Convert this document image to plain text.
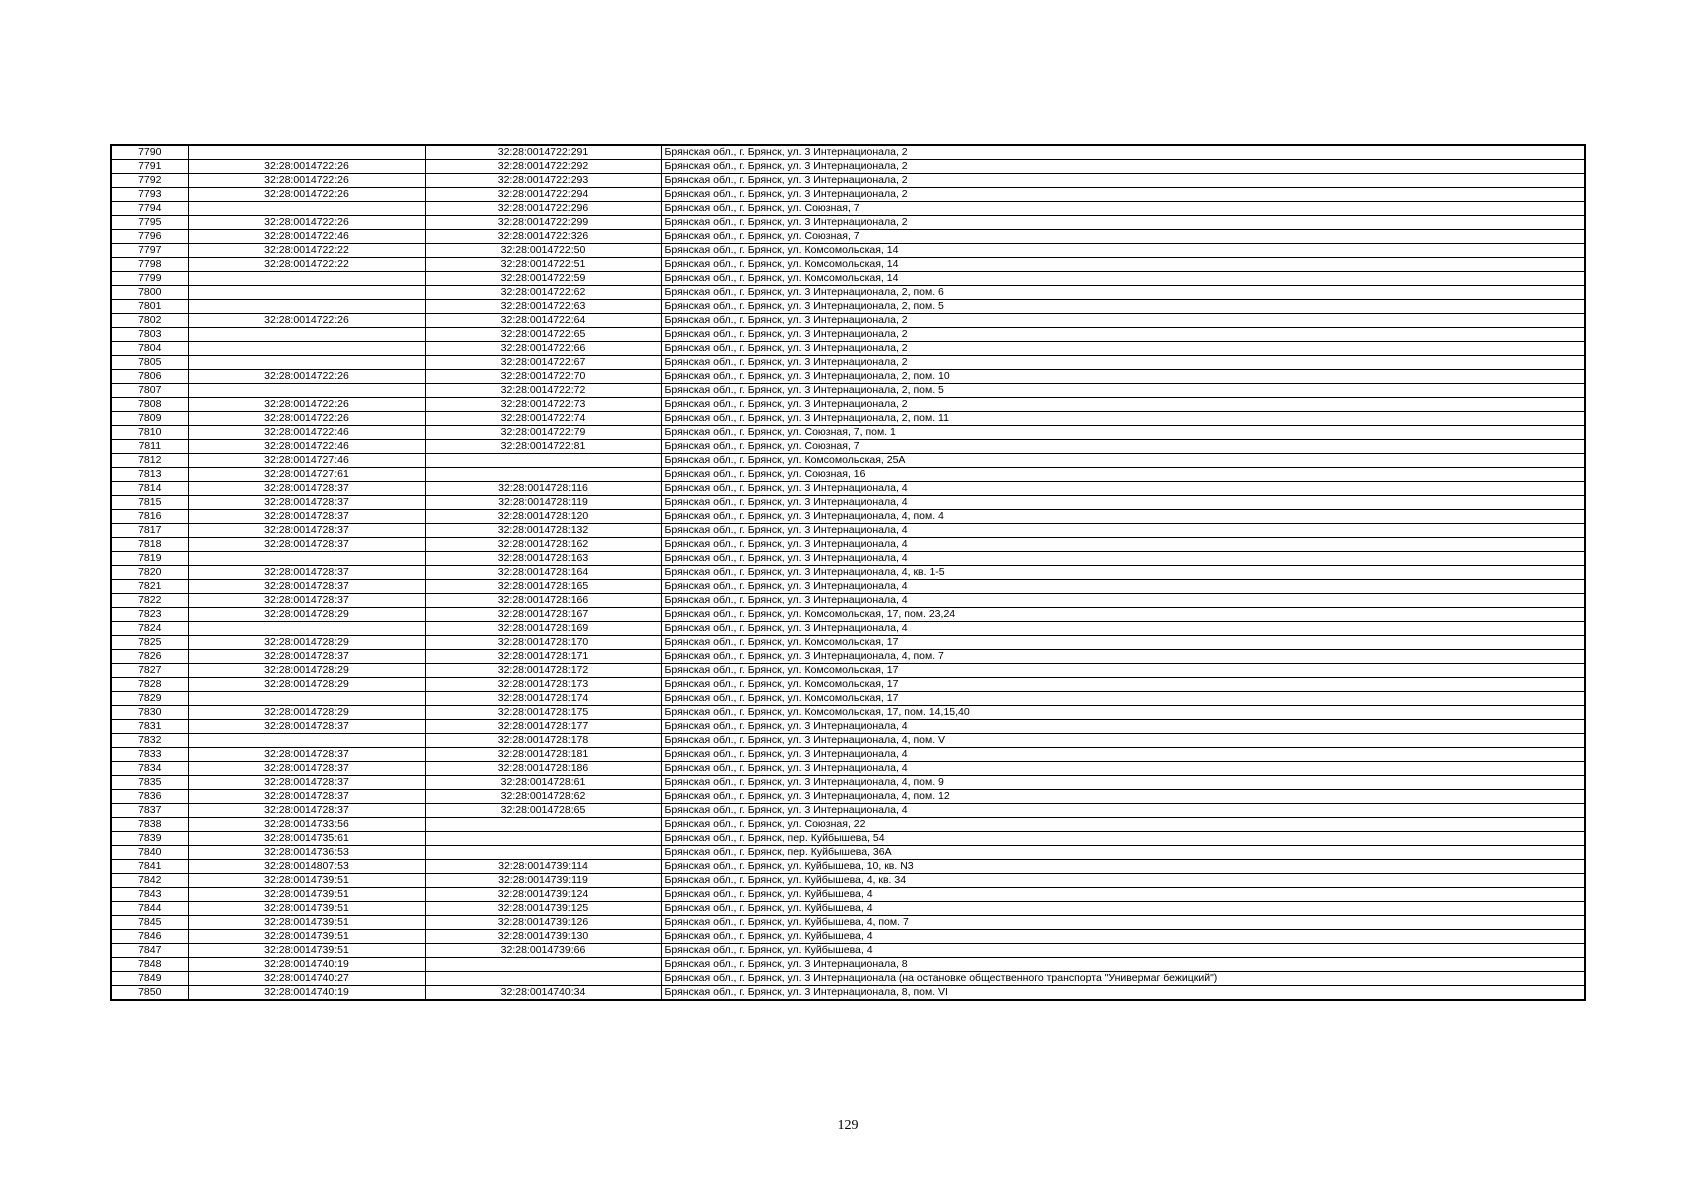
7790		32:28:0014722:291	Брянская обл., г. Брянск, ул. 3 Интернационала, 2
7791	32:28:0014722:26	32:28:0014722:292	Брянская обл., г. Брянск, ул. 3 Интернационала, 2
7792	32:28:0014722:26	32:28:0014722:293	Брянская обл., г. Брянск, ул. 3 Интернационала, 2
7793	32:28:0014722:26	32:28:0014722:294	Брянская обл., г. Брянск, ул. 3 Интернационала, 2
7794		32:28:0014722:296	Брянская обл., г. Брянск, ул. Союзная, 7
7795	32:28:0014722:26	32:28:0014722:299	Брянская обл., г. Брянск, ул. 3 Интернационала, 2
7796	32:28:0014722:46	32:28:0014722:326	Брянская обл., г. Брянск, ул. Союзная, 7
7797	32:28:0014722:22	32:28:0014722:50	Брянская обл., г. Брянск, ул. Комсомольская, 14
7798	32:28:0014722:22	32:28:0014722:51	Брянская обл., г. Брянск, ул. Комсомольская, 14
7799		32:28:0014722:59	Брянская обл., г. Брянск, ул. Комсомольская, 14
7800		32:28:0014722:62	Брянская обл., г. Брянск, ул. 3 Интернационала, 2, пом. 6
7801		32:28:0014722:63	Брянская обл., г. Брянск, ул. 3 Интернационала, 2, пом. 5
7802	32:28:0014722:26	32:28:0014722:64	Брянская обл., г. Брянск, ул. 3 Интернационала, 2
7803		32:28:0014722:65	Брянская обл., г. Брянск, ул. 3 Интернационала, 2
7804		32:28:0014722:66	Брянская обл., г. Брянск, ул. 3 Интернационала, 2
7805		32:28:0014722:67	Брянская обл., г. Брянск, ул. 3 Интернационала, 2
7806	32:28:0014722:26	32:28:0014722:70	Брянская обл., г. Брянск, ул. 3 Интернационала, 2, пом. 10
7807		32:28:0014722:72	Брянская обл., г. Брянск, ул. 3 Интернационала, 2, пом. 5
7808	32:28:0014722:26	32:28:0014722:73	Брянская обл., г. Брянск, ул. 3 Интернационала, 2
7809	32:28:0014722:26	32:28:0014722:74	Брянская обл., г. Брянск, ул. 3 Интернационала, 2, пом. 11
7810	32:28:0014722:46	32:28:0014722:79	Брянская обл., г. Брянск, ул. Союзная, 7, пом. 1
7811	32:28:0014722:46	32:28:0014722:81	Брянская обл., г. Брянск, ул. Союзная, 7
7812	32:28:0014727:46		Брянская обл., г. Брянск, ул. Комсомольская, 25А
7813	32:28:0014727:61		Брянская обл., г. Брянск, ул. Союзная, 16
7814	32:28:0014728:37	32:28:0014728:116	Брянская обл., г. Брянск, ул. 3 Интернационала, 4
7815	32:28:0014728:37	32:28:0014728:119	Брянская обл., г. Брянск, ул. 3 Интернационала, 4
7816	32:28:0014728:37	32:28:0014728:120	Брянская обл., г. Брянск, ул. 3 Интернационала, 4, пом. 4
7817	32:28:0014728:37	32:28:0014728:132	Брянская обл., г. Брянск, ул. 3 Интернационала, 4
7818	32:28:0014728:37	32:28:0014728:162	Брянская обл., г. Брянск, ул. 3 Интернационала, 4
7819		32:28:0014728:163	Брянская обл., г. Брянск, ул. 3 Интернационала, 4
7820	32:28:0014728:37	32:28:0014728:164	Брянская обл., г. Брянск, ул. 3 Интернационала, 4, кв. 1-5
7821	32:28:0014728:37	32:28:0014728:165	Брянская обл., г. Брянск, ул. 3 Интернационала, 4
7822	32:28:0014728:37	32:28:0014728:166	Брянская обл., г. Брянск, ул. 3 Интернационала, 4
7823	32:28:0014728:29	32:28:0014728:167	Брянская обл., г. Брянск, ул. Комсомольская, 17, пом. 23,24
7824		32:28:0014728:169	Брянская обл., г. Брянск, ул. 3 Интернационала, 4
7825	32:28:0014728:29	32:28:0014728:170	Брянская обл., г. Брянск, ул. Комсомольская, 17
7826	32:28:0014728:37	32:28:0014728:171	Брянская обл., г. Брянск, ул. 3 Интернационала, 4, пом. 7
7827	32:28:0014728:29	32:28:0014728:172	Брянская обл., г. Брянск, ул. Комсомольская, 17
7828	32:28:0014728:29	32:28:0014728:173	Брянская обл., г. Брянск, ул. Комсомольская, 17
7829		32:28:0014728:174	Брянская обл., г. Брянск, ул. Комсомольская, 17
7830	32:28:0014728:29	32:28:0014728:175	Брянская обл., г. Брянск, ул. Комсомольская, 17, пом. 14,15,40
7831	32:28:0014728:37	32:28:0014728:177	Брянская обл., г. Брянск, ул. 3 Интернационала, 4
7832		32:28:0014728:178	Брянская обл., г. Брянск, ул. 3 Интернационала, 4, пом. V
7833	32:28:0014728:37	32:28:0014728:181	Брянская обл., г. Брянск, ул. 3 Интернационала, 4
7834	32:28:0014728:37	32:28:0014728:186	Брянская обл., г. Брянск, ул. 3 Интернационала, 4
7835	32:28:0014728:37	32:28:0014728:61	Брянская обл., г. Брянск, ул. 3 Интернационала, 4, пом. 9
7836	32:28:0014728:37	32:28:0014728:62	Брянская обл., г. Брянск, ул. 3 Интернационала, 4, пом. 12
7837	32:28:0014728:37	32:28:0014728:65	Брянская обл., г. Брянск, ул. 3 Интернационала, 4
7838	32:28:0014733:56		Брянская обл., г. Брянск, ул. Союзная, 22
7839	32:28:0014735:61		Брянская обл., г. Брянск, пер. Куйбышева, 54
7840	32:28:0014736:53		Брянская обл., г. Брянск, пер. Куйбышева, 36А
7841	32:28:0014807:53	32:28:0014739:114	Брянская обл., г. Брянск, ул. Куйбышева, 10, кв. N3
7842	32:28:0014739:51	32:28:0014739:119	Брянская обл., г. Брянск, ул. Куйбышева, 4, кв. 34
7843	32:28:0014739:51	32:28:0014739:124	Брянская обл., г. Брянск, ул. Куйбышева, 4
7844	32:28:0014739:51	32:28:0014739:125	Брянская обл., г. Брянск, ул. Куйбышева, 4
7845	32:28:0014739:51	32:28:0014739:126	Брянская обл., г. Брянск, ул. Куйбышева, 4, пом. 7
7846	32:28:0014739:51	32:28:0014739:130	Брянская обл., г. Брянск, ул. Куйбышева, 4
7847	32:28:0014739:51	32:28:0014739:66	Брянская обл., г. Брянск, ул. Куйбышева, 4
7848	32:28:0014740:19		Брянская обл., г. Брянск, ул. 3 Интернационала, 8
7849	32:28:0014740:27		Брянская обл., г. Брянск, ул. 3 Интернационала (на остановке общественного транспорта "Универмаг бежицкий")
7850	32:28:0014740:19	32:28:0014740:34	Брянская обл., г. Брянск, ул. 3 Интернационала, 8, пом. VI
129
